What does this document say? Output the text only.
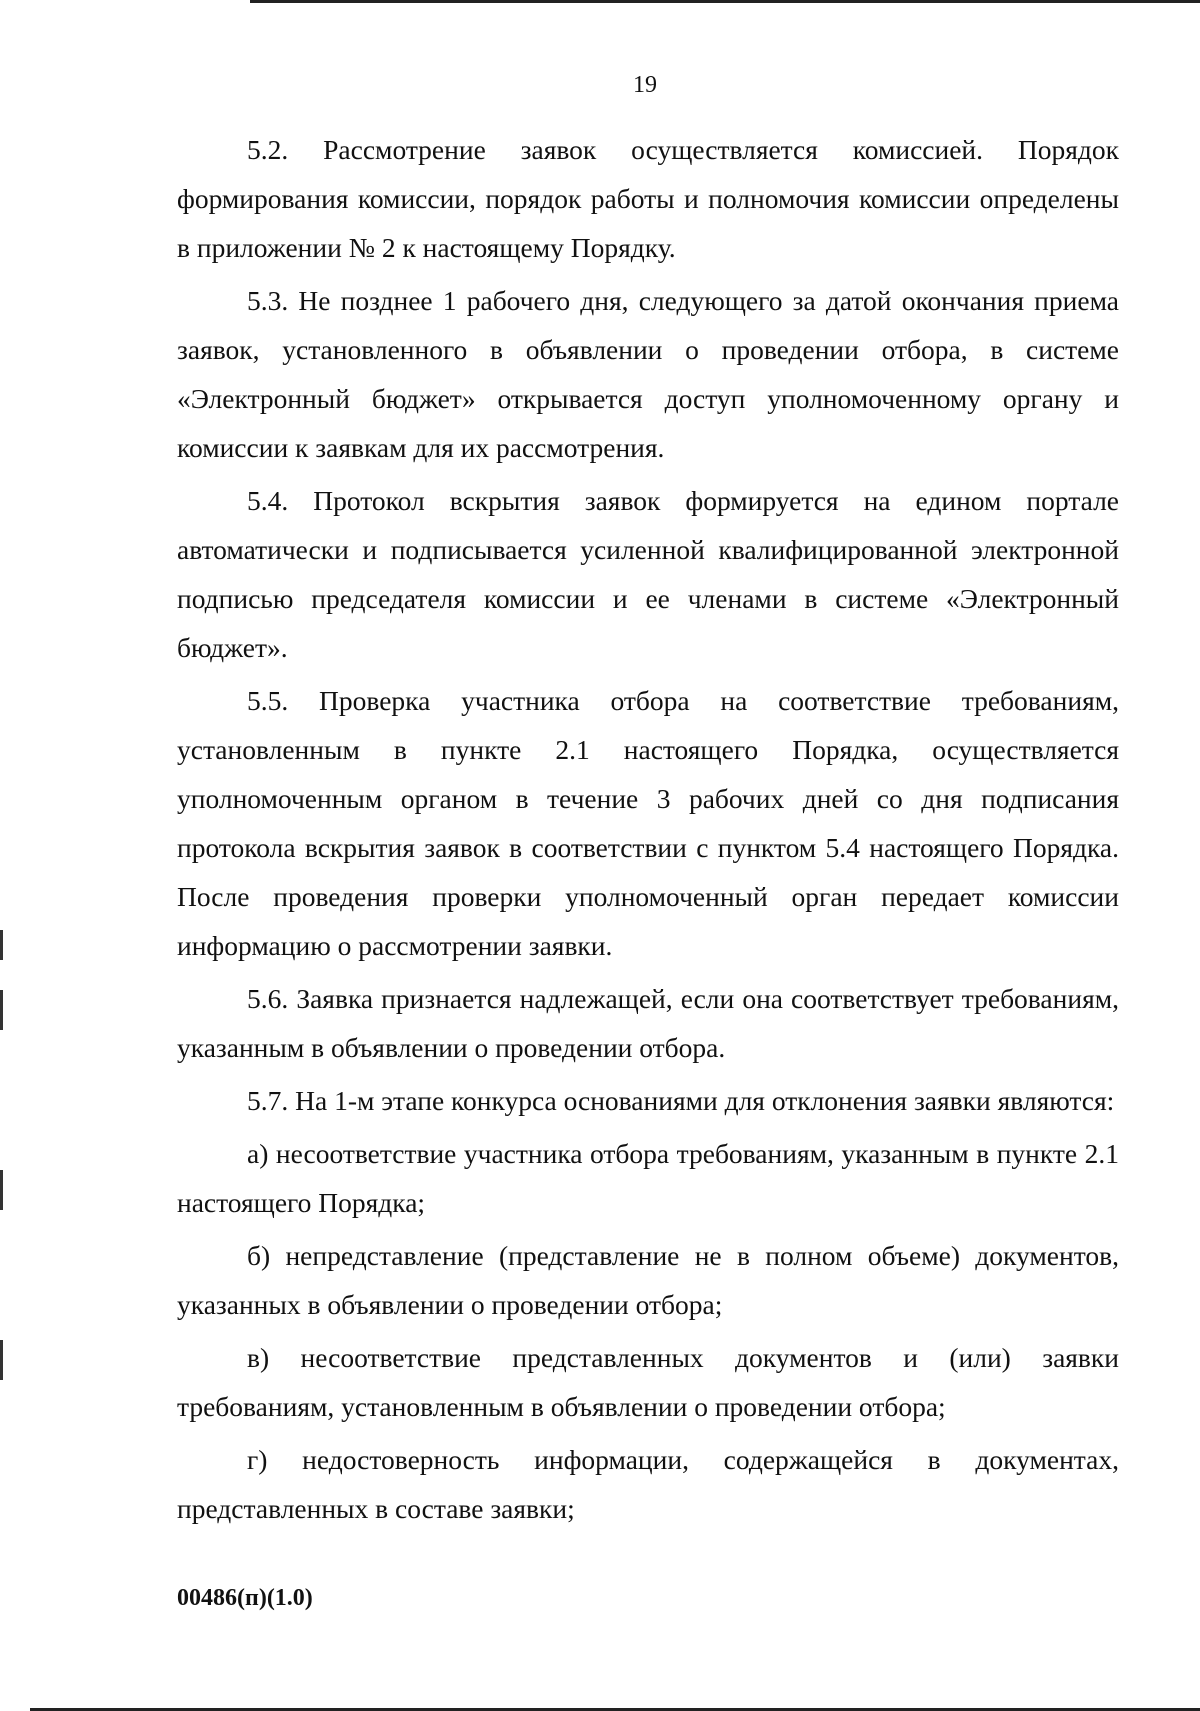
19

5.2. Рассмотрение заявок осуществляется комиссией. Порядок формирования комиссии, порядок работы и полномочия комиссии определены в приложении № 2 к настоящему Порядку.

5.3. Не позднее 1 рабочего дня, следующего за датой окончания приема заявок, установленного в объявлении о проведении отбора, в системе «Электронный бюджет» открывается доступ уполномоченному органу и комиссии к заявкам для их рассмотрения.

5.4. Протокол вскрытия заявок формируется на едином портале автоматически и подписывается усиленной квалифицированной электронной подписью председателя комиссии и ее членами в системе «Электронный бюджет».

5.5. Проверка участника отбора на соответствие требованиям, установленным в пункте 2.1 настоящего Порядка, осуществляется уполномоченным органом в течение 3 рабочих дней со дня подписания протокола вскрытия заявок в соответствии с пунктом 5.4 настоящего Порядка. После проведения проверки уполномоченный орган передает комиссии информацию о рассмотрении заявки.

5.6. Заявка признается надлежащей, если она соответствует требованиям, указанным в объявлении о проведении отбора.

5.7. На 1-м этапе конкурса основаниями для отклонения заявки являются:

а) несоответствие участника отбора требованиям, указанным в пункте 2.1 настоящего Порядка;

б) непредставление (представление не в полном объеме) документов, указанных в объявлении о проведении отбора;

в) несоответствие представленных документов и (или) заявки требованиям, установленным в объявлении о проведении отбора;

г) недостоверность информации, содержащейся в документах, представленных в составе заявки;

00486(п)(1.0)
